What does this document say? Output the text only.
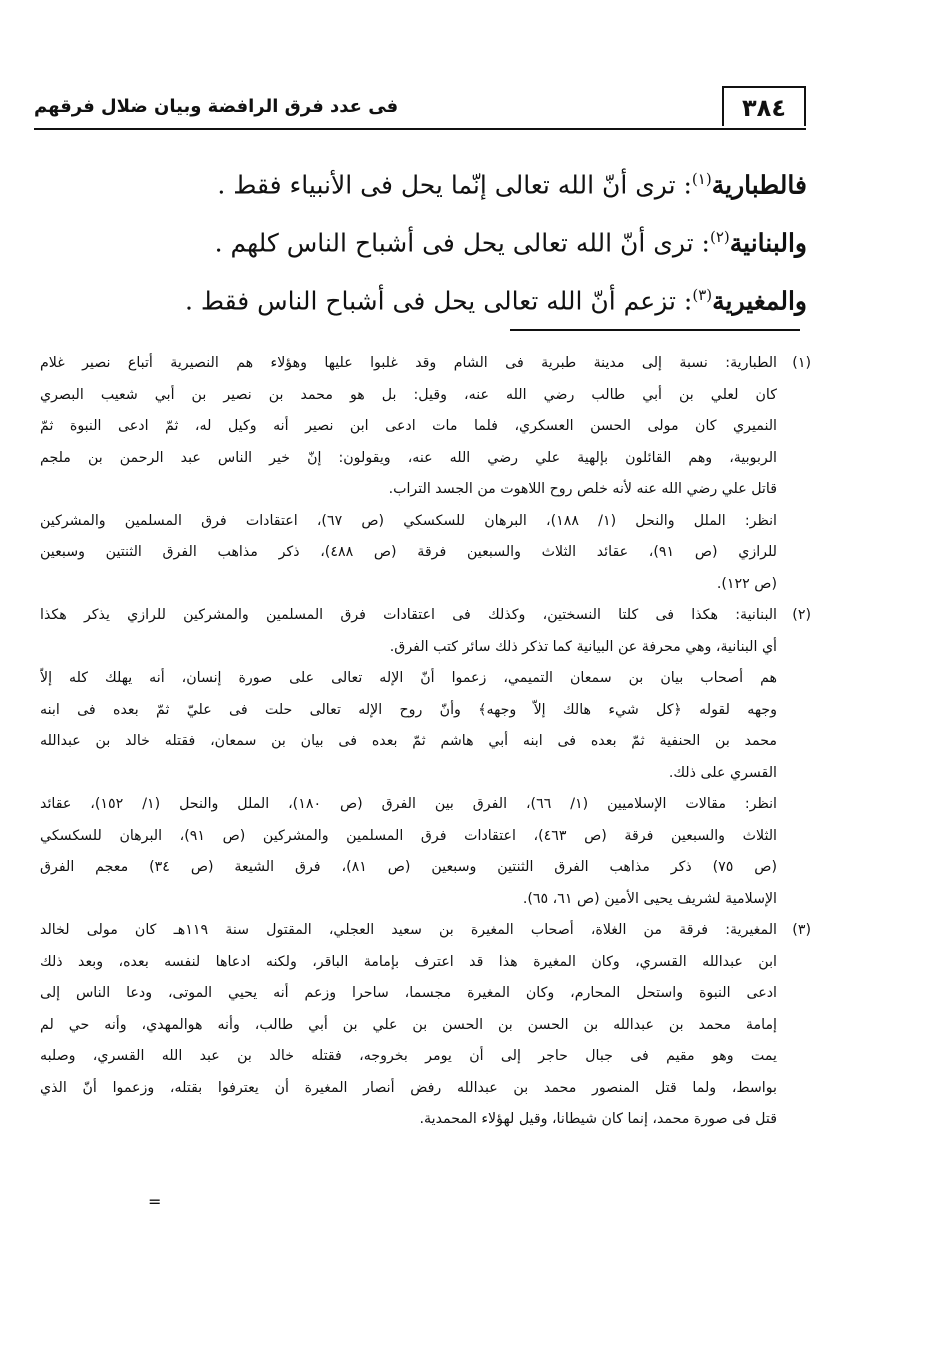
٣٨٤
فى عدد فرق الرافضة وبيان ضلال فرقهم
فالطبارية$^{(١)}$: ترى أنّ الله تعالى إنّما يحل فى الأنبياء فقط .
والبنانية$^{(٢)}$: ترى أنّ الله تعالى يحل فى أشباح الناس كلهم .
والمغيرية$^{(٣)}$: تزعم أنّ الله تعالى يحل فى أشباح الناس فقط .
(١)
الطبارية: نسبة إلى مدينة طبرية فى الشام وقد غلبوا عليها وهؤلاء هم النصيرية أتباع نصير غلام
كان لعلي بن أبي طالب رضي الله عنه، وقيل: بل هو محمد بن نصير بن أبي شعيب البصري
النميري كان مولى الحسن العسكري، فلما مات ادعى ابن نصير أنه وكيل له، ثمّ ادعى النبوة ثمّ
الربوبية، وهم القائلون بإلهية علي رضي الله عنه، ويقولون: إنّ خير الناس عبد الرحمن بن ملجم
قاتل علي رضي الله عنه لأنه خلص روح اللاهوت من الجسد التراب.
انظر: الملل والنحل (١/ ١٨٨)، البرهان للسكسكي (ص ٦٧)، اعتقادات فرق المسلمين والمشركين
للرازي (ص ٩١)، عقائد الثلاث والسبعين فرقة (ص ٤٨٨)، ذكر مذاهب الفرق الثنتين وسبعين
(ص ١٢٢).
(٢)
البنانية: هكذا فى كلتا النسختين، وكذلك فى اعتقادات فرق المسلمين والمشركين للرازي يذكر هكذا
أي البنانية، وهي محرفة عن البيانية كما تذكر ذلك سائر كتب الفرق.
هم أصحاب بيان بن سمعان التميمي، زعموا أنّ الإله تعالى على صورة إنسان، أنه يهلك كله إلاّ
وجهه لقوله ﴿كل شيء هالك إلاّ وجهه﴾ وأنّ روح الإله تعالى حلت فى عليّ ثمّ بعده فى ابنه
محمد بن الحنفية ثمّ بعده فى ابنه أبي هاشم ثمّ بعده فى بيان بن سمعان، فقتله خالد بن عبدالله
القسري على ذلك.
انظر: مقالات الإسلاميين (١/ ٦٦)، الفرق بين الفرق (ص ١٨٠)، الملل والنحل (١/ ١٥٢)، عقائد
الثلاث والسبعين فرقة (ص ٤٦٣)، اعتقادات فرق المسلمين والمشركين (ص ٩١)، البرهان للسكسكي
(ص ٧٥) ذكر مذاهب الفرق الثنتين وسبعين (ص ٨١)، فرق الشيعة (ص ٣٤) معجم الفرق
الإسلامية لشريف يحيى الأمين (ص ٦١، ٦٥).
(٣)
المغيرية: فرقة من الغلاة، أصحاب المغيرة بن سعيد العجلي، المقتول سنة ١١٩هـ كان مولى لخالد
ابن عبدالله القسري، وكان المغيرة هذا قد اعترف بإمامة الباقر، ولكنه ادعاها لنفسه بعده، وبعد ذلك
ادعى النبوة واستحل المحارم، وكان المغيرة مجسما، ساحرا وزعم أنه يحيي الموتى، ودعا الناس إلى
إمامة محمد بن عبدالله بن الحسن بن الحسن بن علي بن أبي طالب، وأنه هوالمهدي، وأنه حي لم
يمت وهو مقيم فى جبال حاجر إلى أن يومر بخروجه، فقتله خالد بن عبد الله القسري، وصلبه
بواسط، ولما قتل المنصور محمد بن عبدالله رفض أنصار المغيرة أن يعترفوا بقتله، وزعموا أنّ الذي
قتل فى صورة محمد، إنما كان شيطانا، وقيل لهؤلاء المحمدية.
=
